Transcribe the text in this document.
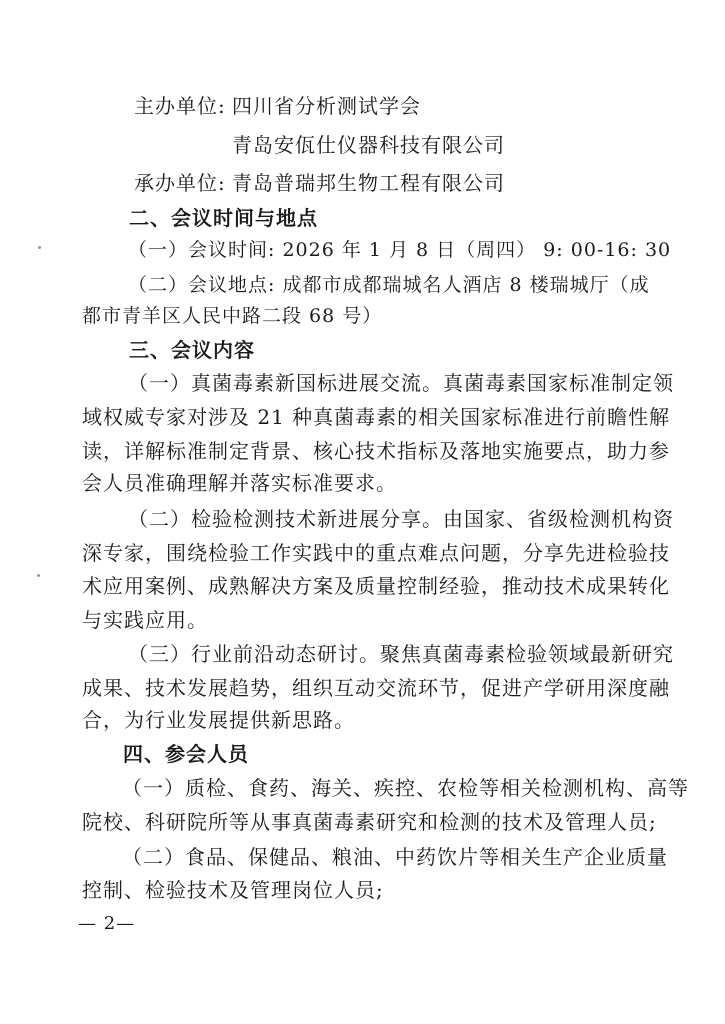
主办单位: 四川省分析测试学会
青岛安佤仕仪器科技有限公司
承办单位: 青岛普瑞邦生物工程有限公司
二、会议时间与地点
（一）会议时间: 2026 年 1 月 8 日（周四） 9: 00-16: 30
（二）会议地点: 成都市成都瑞城名人酒店 8 楼瑞城厅（成
都市青羊区人民中路二段 68 号）
三、会议内容
（一）真菌毒素新国标进展交流。真菌毒素国家标准制定领
域权威专家对涉及 21 种真菌毒素的相关国家标准进行前瞻性解
读，详解标准制定背景、核心技术指标及落地实施要点，助力参
会人员准确理解并落实标准要求。
（二）检验检测技术新进展分享。由国家、省级检测机构资
深专家，围绕检验工作实践中的重点难点问题，分享先进检验技
术应用案例、成熟解决方案及质量控制经验，推动技术成果转化
与实践应用。
（三）行业前沿动态研讨。聚焦真菌毒素检验领域最新研究
成果、技术发展趋势，组织互动交流环节，促进产学研用深度融
合，为行业发展提供新思路。
四、参会人员
（一）质检、食药、海关、疾控、农检等相关检测机构、高等
院校、科研院所等从事真菌毒素研究和检测的技术及管理人员;
（二）食品、保健品、粮油、中药饮片等相关生产企业质量
控制、检验技术及管理岗位人员;
— 2—
